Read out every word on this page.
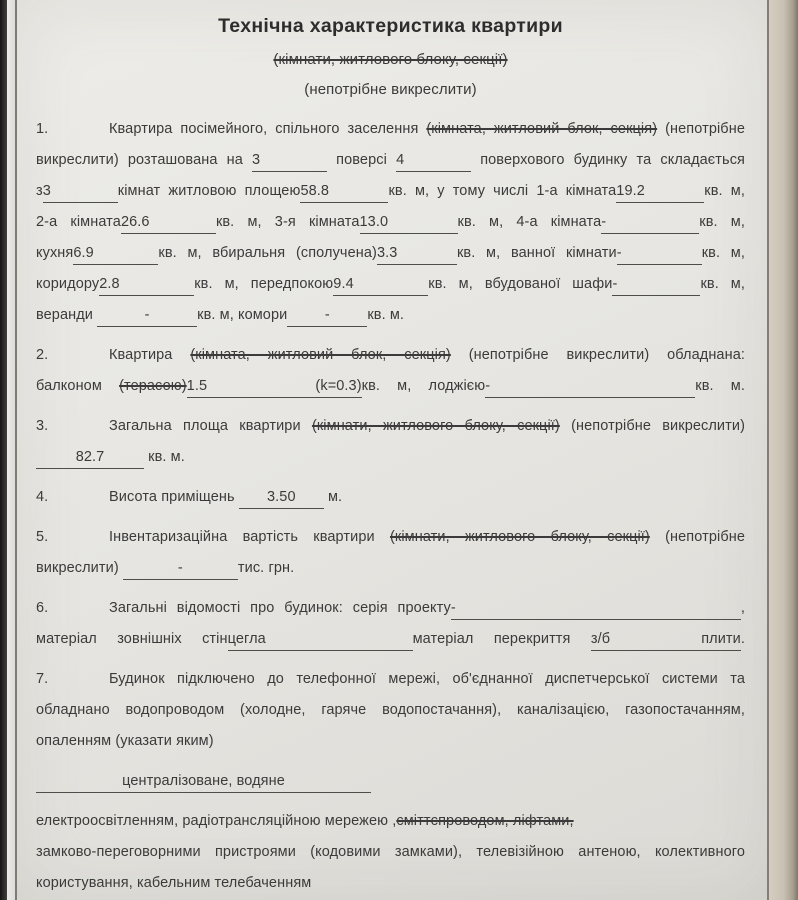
Технічна характеристика квартири
(кімнати, житлового блоку, секції)
(непотрібне викреслити)
1.	Квартира посімейного, спільного заселення (кімната, житловий блок, секція) (непотрібне
викреслити) розташована на 3	поверсі 4	поверхового будинку та складається
з3	кімнат житловою площею58.8	кв. м, у тому числі 1-а кімната19.2	кв. м,
2-а кімната26.6	кв. м, 3-я кімната13.0	кв. м, 4-а кімната-	кв. м,
кухня6.9	кв. м, вбиральня (сполучена)3.3	кв. м, ванної кімнати-	кв. м,
коридору2.8	кв. м, передпокою9.4	кв. м, вбудованої шафи-	кв. м,
веранди	-	кв. м, комори	-	кв. м.
2.	Квартира (кімната, житловий блок, секція) (непотрібне викреслити) обладнана:
балконом (терасою)1.5 (k=0.3)кв. м, лоджією-	кв. м.
3.	Загальна площа квартири (кімнати, житлового блоку, секції) (непотрібне викреслити)
82.7	кв. м.
4.	Висота приміщень 3.50 м.
5.	Інвентаризаційна вартість квартири (кімнати, житлового блоку, секції) (непотрібне
викреслити)	-	тис. грн.
6.	Загальні відомості про будинок: серія проекту-	,
матеріал зовнішніх стінцегла	матеріал перекриття з/б плити.
7.	Будинок підключено до телефонної мережі, об'єднанної диспетчерської системи та
обладнано водопроводом (холодне, гаряче водопостачання), каналізацією, газопостачанням,
опаленням (указати яким)
централізоване, водяне
електроосвітленням, радіотрансляційною мережею ,сміттєпроводом, ліфтами,
замково-переговорними пристроями (кодовими замками), телевізійною антеною, колективного
користування, кабельним телебаченням
